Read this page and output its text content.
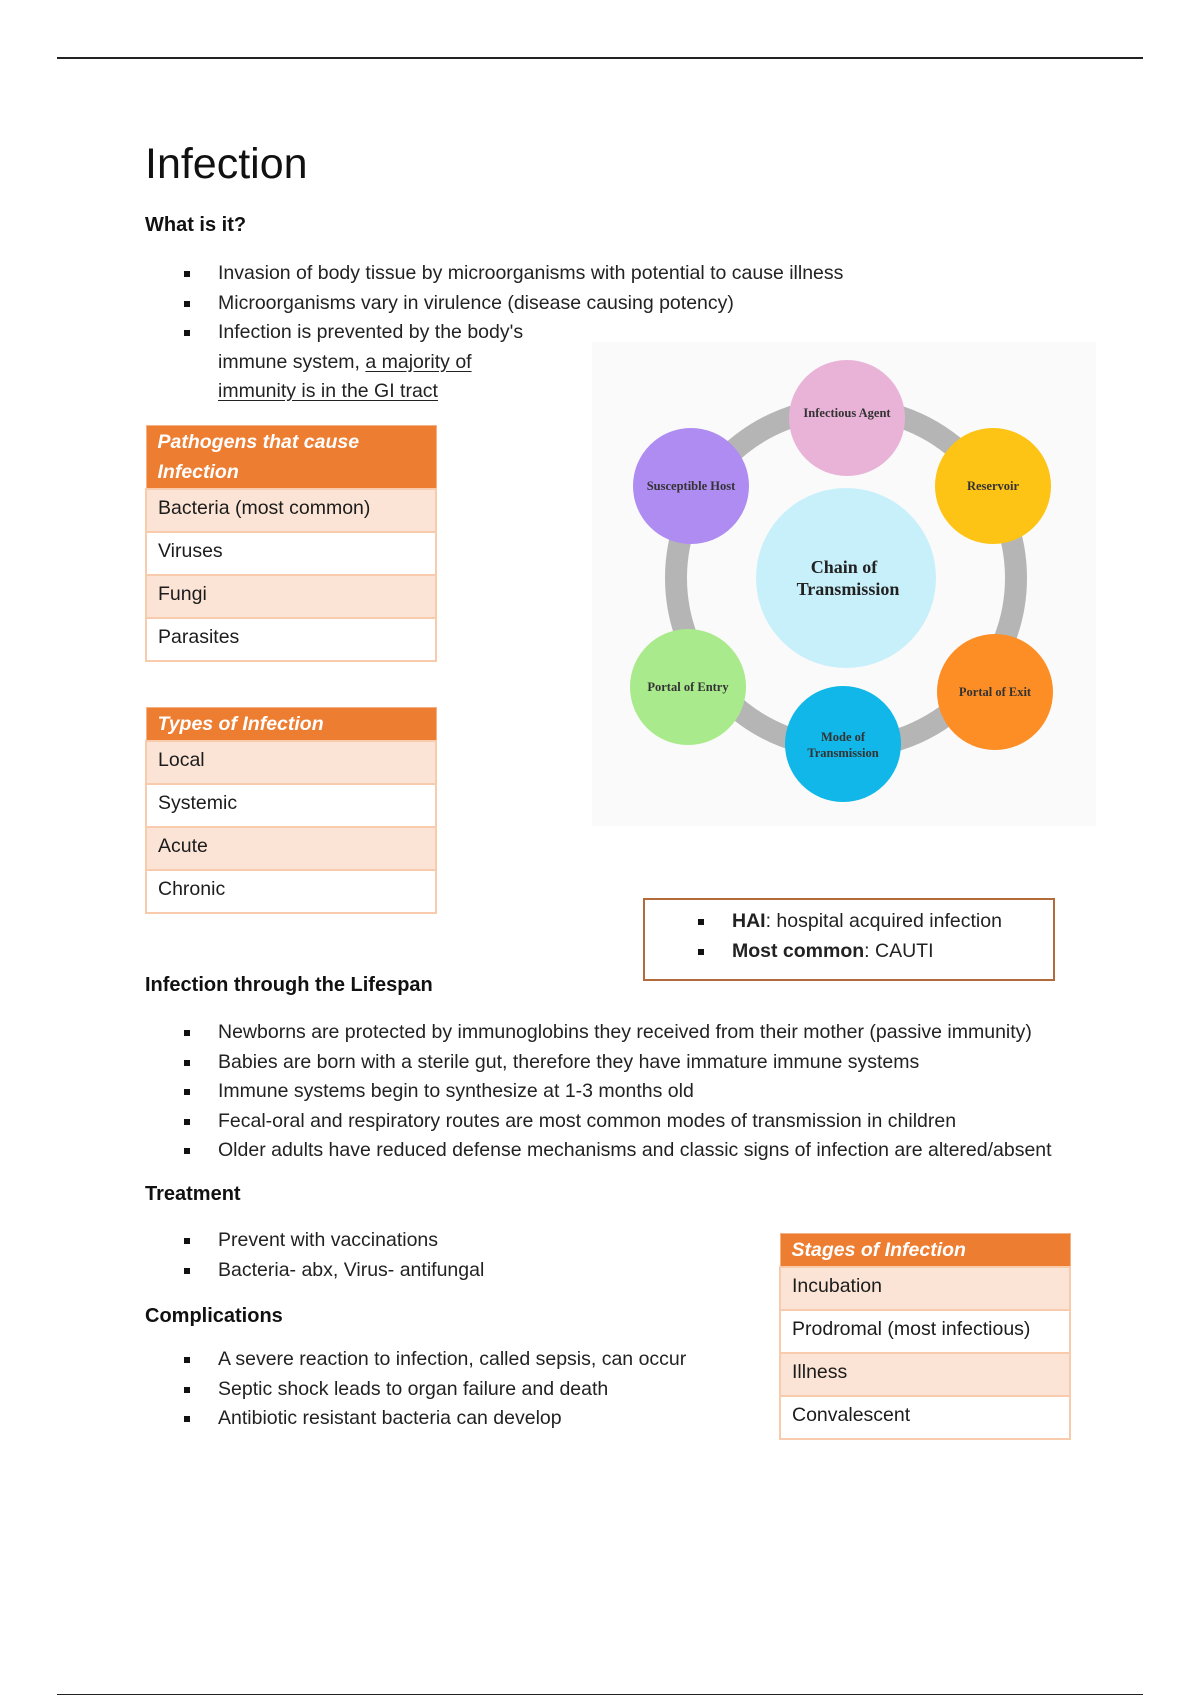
Infection
What is it?
Invasion of body tissue by microorganisms with potential to cause illness
Microorganisms vary in virulence (disease causing potency)
Infection is prevented by the body's
immune system, a majority of
immunity is in the GI tract
Pathogens that cause
Infection
Bacteria (most common)
Viruses
Fungi
Parasites
Types of Infection
Local
Systemic
Acute
Chronic
Chain of
Transmission
Infectious Agent
Reservoir
Portal of Exit
Mode of
Transmission
Portal of Entry
Susceptible Host
HAI: hospital acquired infection
Most common: CAUTI
Infection through the Lifespan
Newborns are protected by immunoglobins they received from their mother (passive immunity)
Babies are born with a sterile gut, therefore they have immature immune systems
Immune systems begin to synthesize at 1-3 months old
Fecal-oral and respiratory routes are most common modes of transmission in children
Older adults have reduced defense mechanisms and classic signs of infection are altered/absent
Treatment
Prevent with vaccinations
Bacteria- abx, Virus- antifungal
Complications
A severe reaction to infection, called sepsis, can occur
Septic shock leads to organ failure and death
Antibiotic resistant bacteria can develop
Stages of Infection
Incubation
Prodromal (most infectious)
Illness
Convalescent
